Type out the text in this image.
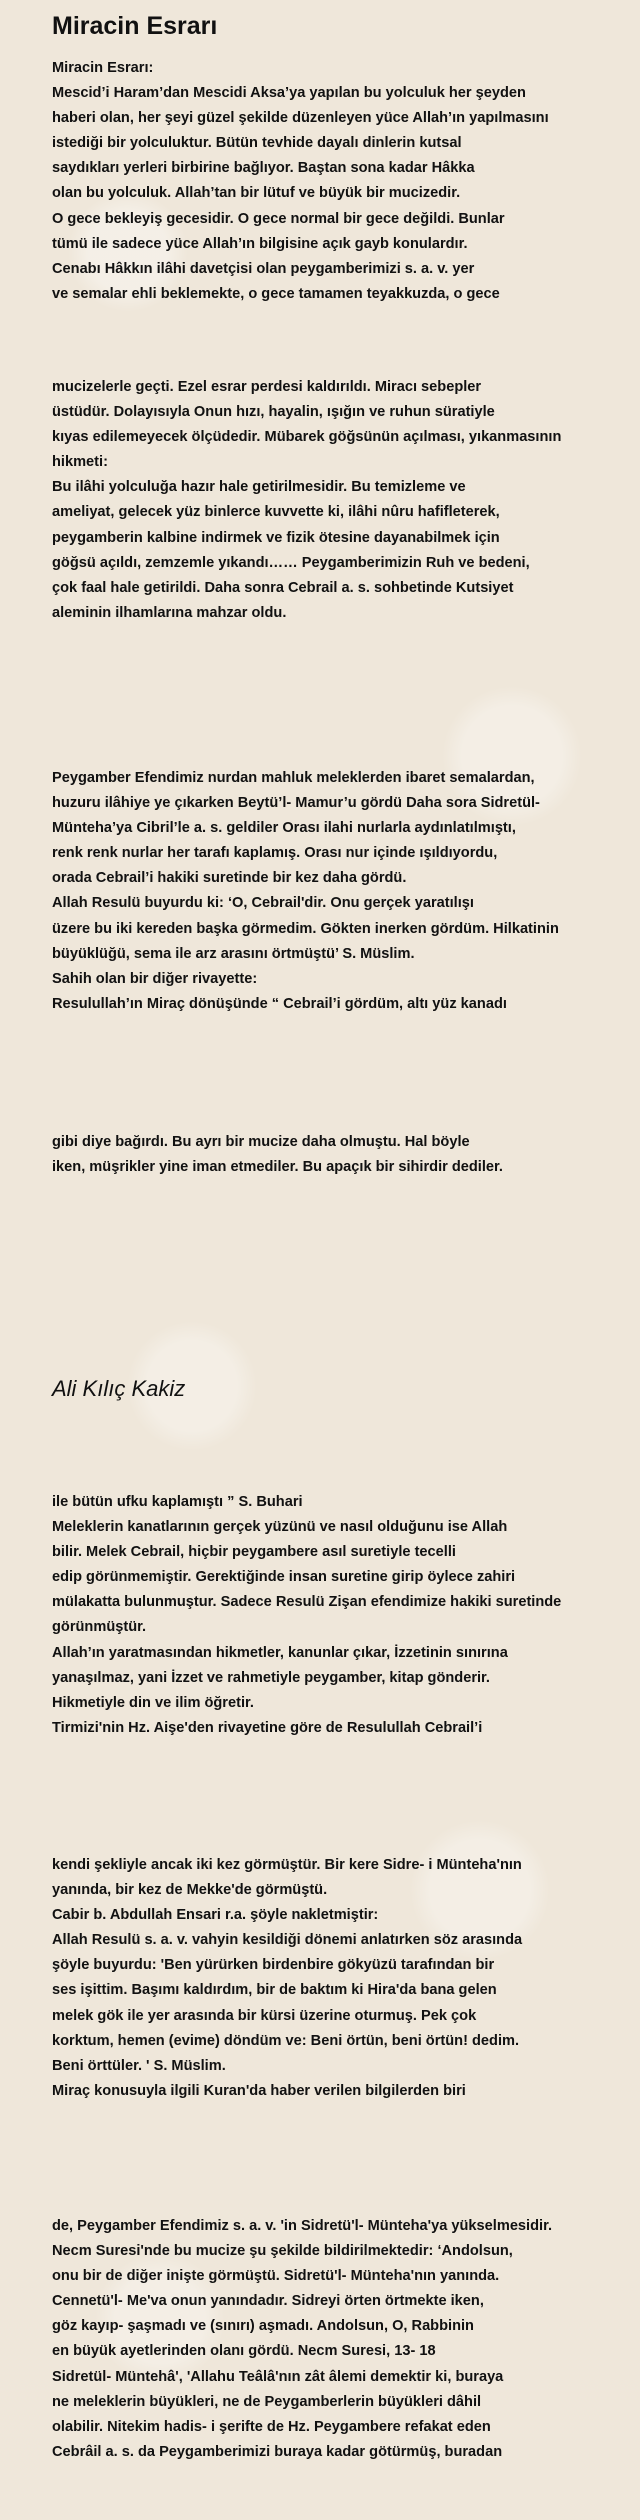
Miracin Esrarı
Miracin Esrarı:
Mescid’i Haram’dan Mescidi Aksa’ya yapılan bu yolculuk her şeyden
haberi olan, her şeyi güzel şekilde düzenleyen yüce Allah’ın yapılmasını
istediği bir yolculuktur. Bütün tevhide dayalı dinlerin kutsal
saydıkları yerleri birbirine bağlıyor. Baştan sona kadar Hâkka
olan bu yolculuk. Allah’tan bir lütuf ve büyük bir mucizedir.
O gece bekleyiş gecesidir. O gece normal bir gece değildi. Bunlar
tümü ile sadece yüce Allah’ın bilgisine açık gayb konulardır.
Cenabı Hâkkın ilâhi davetçisi olan peygamberimizi s. a. v. yer
ve semalar ehli beklemekte, o gece tamamen teyakkuzda, o gece
mucizelerle geçti. Ezel esrar perdesi kaldırıldı. Miracı sebepler
üstüdür. Dolayısıyla Onun hızı, hayalin, ışığın ve ruhun süratiyle
kıyas edilemeyecek ölçüdedir. Mübarek göğsünün açılması, yıkanmasının
hikmeti:
Bu ilâhi yolculuğa hazır hale getirilmesidir. Bu temizleme ve
ameliyat, gelecek yüz binlerce kuvvette ki, ilâhi nûru hafifleterek,
peygamberin kalbine indirmek ve fizik ötesine dayanabilmek için
göğsü açıldı, zemzemle yıkandı…… Peygamberimizin Ruh ve bedeni,
çok faal hale getirildi. Daha sonra Cebrail a. s. sohbetinde Kutsiyet
aleminin ilhamlarına mahzar oldu.
Peygamber Efendimiz nurdan mahluk meleklerden ibaret semalardan,
huzuru ilâhiye ye çıkarken Beytü’l- Mamur’u gördü Daha sora Sidretül-
Münteha’ya Cibril’le a. s. geldiler Orası ilahi nurlarla aydınlatılmıştı,
renk renk nurlar her tarafı kaplamış. Orası nur içinde ışıldıyordu,
orada Cebrail’i hakiki suretinde bir kez daha gördü.
Allah Resulü buyurdu ki: ‘O, Cebrail'dir. Onu gerçek yaratılışı
üzere bu iki kereden başka görmedim. Gökten inerken gördüm. Hilkatinin
büyüklüğü, sema ile arz arasını örtmüştü’ S. Müslim.
Sahih olan bir diğer rivayette:
Resulullah’ın Miraç dönüşünde “ Cebrail’i gördüm, altı yüz kanadı
gibi diye bağırdı. Bu ayrı bir mucize daha olmuştu. Hal böyle
iken, müşrikler yine iman etmediler. Bu apaçık bir sihirdir dediler.
Ali Kılıç Kakiz
ile bütün ufku kaplamıştı ” S. Buhari
Meleklerin kanatlarının gerçek yüzünü ve nasıl olduğunu ise Allah
bilir. Melek Cebrail, hiçbir peygambere asıl suretiyle tecelli
edip görünmemiştir. Gerektiğinde insan suretine girip öylece zahiri
mülakatta bulunmuştur. Sadece Resulü Zişan efendimize hakiki suretinde
görünmüştür.
Allah’ın yaratmasından hikmetler, kanunlar çıkar, İzzetinin sınırına
yanaşılmaz, yani İzzet ve rahmetiyle peygamber, kitap gönderir.
Hikmetiyle din ve ilim öğretir.
Tirmizi'nin Hz. Aişe'den rivayetine göre de Resulullah Cebrail’i
kendi şekliyle ancak iki kez görmüştür. Bir kere Sidre- i Münteha'nın
yanında, bir kez de Mekke'de görmüştü.
Cabir b. Abdullah Ensari r.a. şöyle nakletmiştir:
Allah Resulü s. a. v. vahyin kesildiği dönemi anlatırken söz arasında
şöyle buyurdu: 'Ben yürürken birdenbire gökyüzü tarafından bir
ses işittim. Başımı kaldırdım, bir de baktım ki Hira'da bana gelen
melek gök ile yer arasında bir kürsi üzerine oturmuş. Pek çok
korktum, hemen (evime) döndüm ve: Beni örtün, beni örtün! dedim.
Beni örttüler. ' S. Müslim.
Miraç konusuyla ilgili Kuran'da haber verilen bilgilerden biri
de, Peygamber Efendimiz s. a. v. 'in Sidretü'l- Münteha'ya yükselmesidir.
Necm Suresi'nde bu mucize şu şekilde bildirilmektedir: ‘Andolsun,
onu bir de diğer inişte görmüştü. Sidretü'l- Münteha'nın yanında.
Cennetü'l- Me'va onun yanındadır. Sidreyi örten örtmekte iken,
göz kayıp- şaşmadı ve (sınırı) aşmadı. Andolsun, O, Rabbinin
en büyük ayetlerinden olanı gördü. Necm Suresi, 13- 18
Sidretül- Müntehâ', 'Allahu Teâlâ'nın zât âlemi demektir ki, buraya
ne meleklerin büyükleri, ne de Peygamberlerin büyükleri dâhil
olabilir. Nitekim hadis- i şerifte de Hz. Peygambere refakat eden
Cebrâil a. s. da Peygamberimizi buraya kadar götürmüş, buradan
